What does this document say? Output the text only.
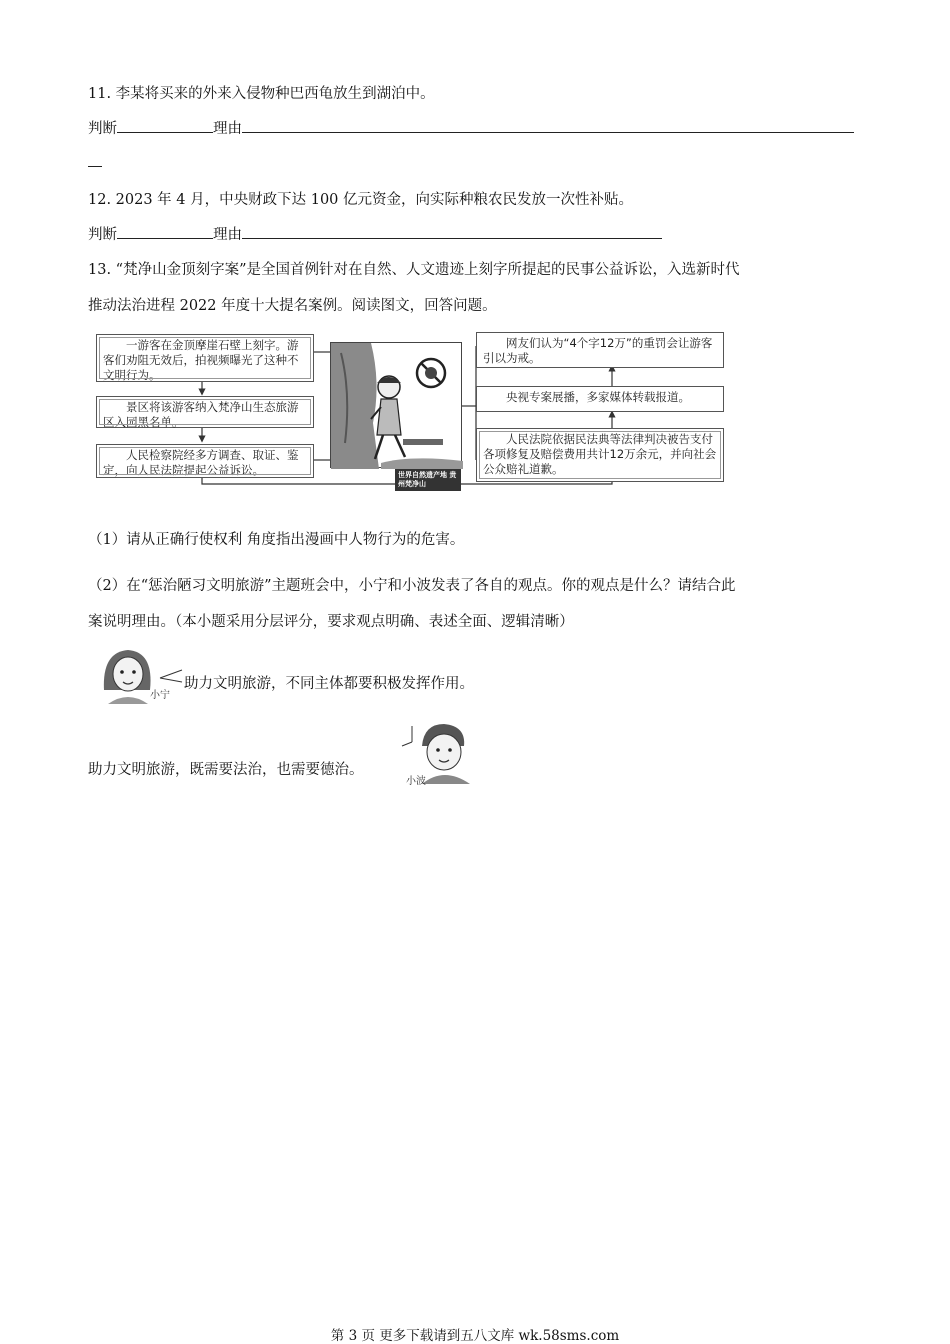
11. 李某将买来的外来入侵物种巴西龟放生到湖泊中。
判断	理由
12. 2023 年 4 月，中央财政下达 100 亿元资金，向实际种粮农民发放一次性补贴。
判断	理由
13. “梵净山金顶刻字案”是全国首例针对在自然、人文遗迹上刻字所提起的民事公益诉讼，入选新时代
推动法治进程 2022 年度十大提名案例。阅读图文，回答问题。
一游客在金顶摩崖石壁上刻字。游客们劝阻无效后，拍视频曝光了这种不文明行为。
景区将该游客纳入梵净山生态旅游区入园黑名单。
人民检察院经多方调查、取证、鉴定，向人民法院提起公益诉讼。	世界自然遗产地 贵州梵净山
网友们认为“4个字12万”的重罚会让游客引以为戒。
央视专案展播，多家媒体转载报道。
人民法院依据民法典等法律判决被告支付各项修复及赔偿费用共计12万余元，并向社会公众赔礼道歉。
（1）请从正确行使权利 角度指出漫画中人物行为的危害。
（2）在“惩治陋习文明旅游”主题班会中，小宁和小波发表了各自的观点。你的观点是什么？请结合此
案说明理由。（本小题采用分层评分，要求观点明确、表述全面、逻辑清晰）
小宁
助力文明旅游，不同主体都要积极发挥作用。
助力文明旅游，既需要法治，也需要德治。
小波
第 3 页 更多下载请到五八文库 wk.58sms.com
